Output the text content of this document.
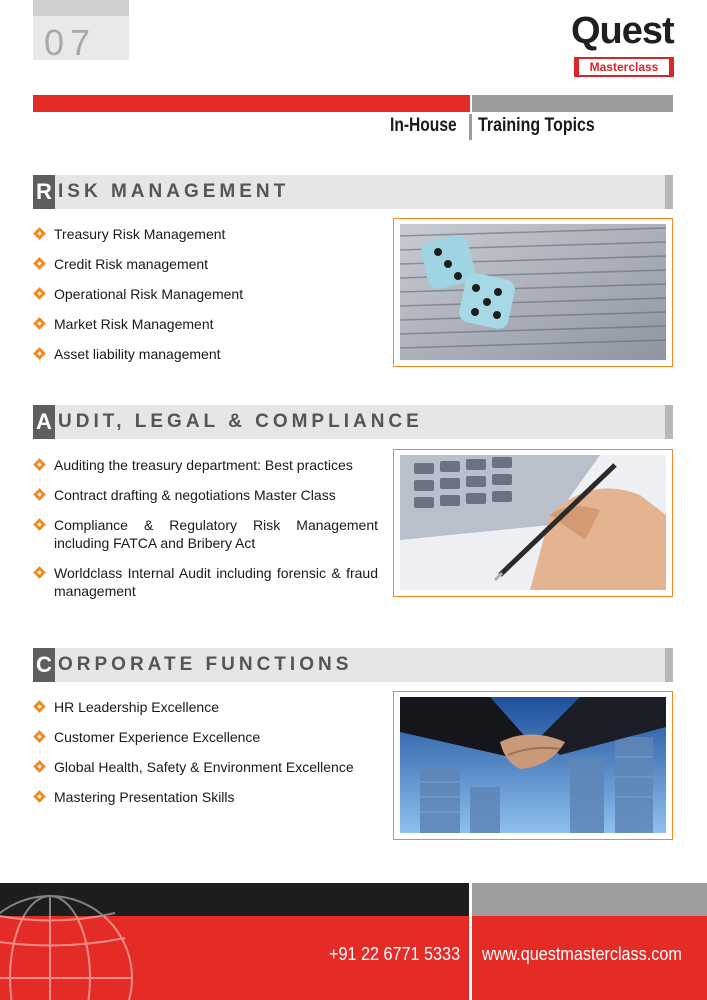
07	Quest
Masterclass
In-House Training Topics
R ISK MANAGEMENT
Treasury Risk Management
Credit Risk management
Operational Risk Management
Market Risk Management
Asset liability management
A UDIT, LEGAL & COMPLIANCE
Auditing the treasury department: Best practices
Contract drafting & negotiations Master Class
Compliance & Regulatory Risk Management including FATCA and Bribery Act
Worldclass Internal Audit including forensic & fraud management
C ORPORATE FUNCTIONS
HR Leadership Excellence
Customer Experience Excellence
Global Health, Safety & Environment Excellence
Mastering Presentation Skills
+91 22 6771 5333 www.questmasterclass.com
